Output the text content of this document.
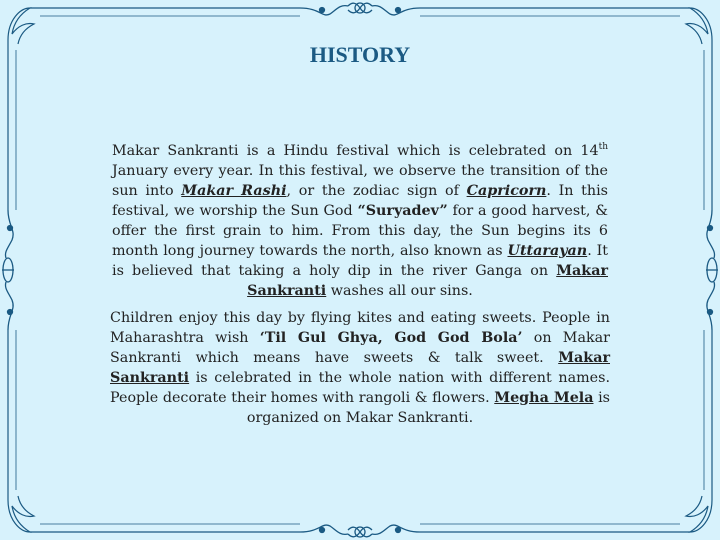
HISTORY
Makar Sankranti is a Hindu festival which is celebrated on 14th January every year. In this festival, we observe the transition of the sun into Makar Rashi, or the zodiac sign of Capricorn. In this festival, we worship the Sun God “Suryadev” for a good harvest, & offer the first grain to him. From this day, the Sun begins its 6 month long journey towards the north, also known as Uttarayan. It is believed that taking a holy dip in the river Ganga on Makar Sankranti washes all our sins.
Children enjoy this day by flying kites and eating sweets. People in Maharashtra wish ‘Til Gul Ghya, God God Bola’ on Makar Sankranti which means have sweets & talk sweet. Makar Sankranti is celebrated in the whole nation with different names. People decorate their homes with rangoli & flowers. Megha Mela is organized on Makar Sankranti.
